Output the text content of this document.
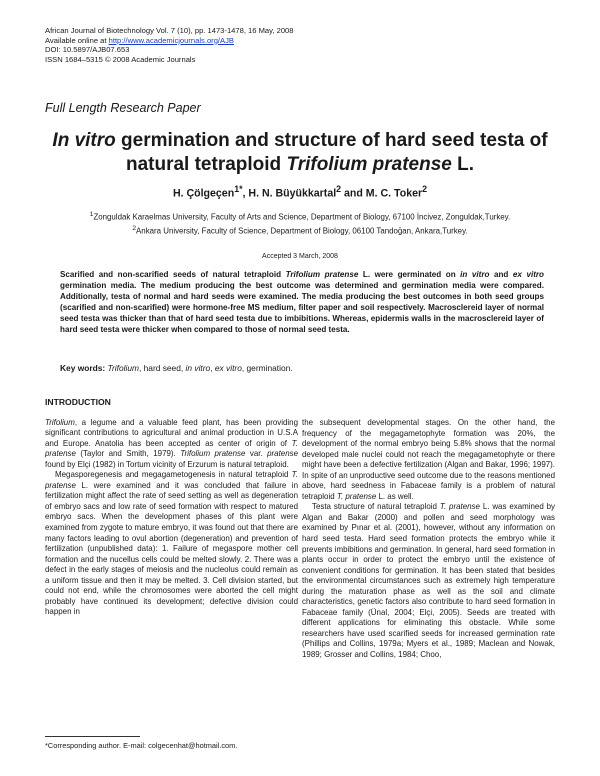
African Journal of Biotechnology Vol. 7 (10), pp. 1473-1478, 16 May, 2008
Available online at http://www.academicjournals.org/AJB
DOI: 10.5897/AJB07.653
ISSN 1684–5315 © 2008 Academic Journals
Full Length Research Paper
In vitro germination and structure of hard seed testa of natural tetraploid Trifolium pratense L.
H. Çölgeçen$^{1*}$, H. N. Büyükkartal$^2$ and M. C. Toker$^2$
$^1$Zonguldak Karaelmas University, Faculty of Arts and Science, Department of Biology, 67100 İncivez, Zonguldak,Turkey.
$^2$Ankara University, Faculty of Science, Department of Biology, 06100 Tandoğan, Ankara,Turkey.
Accepted 3 March, 2008
Scarified and non-scarified seeds of natural tetraploid Trifolium pratense L. were germinated on in vitro and ex vitro germination media. The medium producing the best outcome was determined and germination media were compared. Additionally, testa of normal and hard seeds were examined. The media producing the best outcomes in both seed groups (scarified and non-scarified) were hormone-free MS medium, filter paper and soil respectively. Macrosclereid layer of normal seed testa was thicker than that of hard seed testa due to imbibitions. Whereas, epidermis walls in the macrosclereid layer of hard seed testa were thicker when compared to those of normal seed testa.
Key words: Trifolium, hard seed, in vitro, ex vitro, germination.
INTRODUCTION

Trifolium, a legume and a valuable feed plant, has been providing significant contributions to agricultural and animal production in U.S.A and Europe. Anatolia has been accepted as center of origin of T. pratense (Taylor and Smith, 1979). Trifolium pratense var. pratense found by Elçi (1982) in Tortum vicinity of Erzurum is natural tetraploid.

Megasporegenesis and megagametogenesis in natural tetraploid T. pratense L. were examined and it was concluded that failure in fertilization might affect the rate of seed setting as well as degeneration of embryo sacs and low rate of seed formation with respect to matured embryo sacs. When the development phases of this plant were examined from zygote to mature embryo, it was found out that there are many factors leading to ovul abortion (degeneration) and prevention of fertilization (unpublished data): 1. Failure of megaspore mother cell formation and the nucellus cells could be melted slowly. 2. There was a defect in the early stages of meiosis and the nucleolus could remain as a uniform tissue and then it may be melted. 3. Cell division started, but could not end, while the chromosomes were aborted the cell might probably have continued its development; defective division could happen in

the subsequent developmental stages. On the other hand, the frequency of the megagametophyte formation was 20%, the development of the normal embryo being 5.8% shows that the normal developed male nuclei could not reach the megagametophyte or there might have been a defective fertilization (Algan and Bakar, 1996; 1997). In spite of an unproductive seed outcome due to the reasons mentioned above, hard seedness in Fabaceae family is a problem of natural tetraploid T. pratense L. as well.

Testa structure of natural tetraploid T. pratense L. was examined by Algan and Bakar (2000) and pollen and seed morphology was examined by Pınar et al. (2001), however, without any information on hard seed testa. Hard seed formation protects the embryo while it prevents imbibitions and germination. In general, hard seed formation in plants occur in order to protect the embryo until the existence of convenient conditions for germination. It has been stated that besides the environmental circumstances such as extremely high temperature during the maturation phase as well as the soil and climate characteristics, genetic factors also contribute to hard seed formation in Fabaceae family (Ünal, 2004; Elçi, 2005). Seeds are treated with different applications for eliminating this obstacle. While some researchers have used scarified seeds for increased germination rate (Phillips and Collins, 1979a; Myers et al., 1989; Maclean and Nowak, 1989; Grosser and Collins, 1984; Choo,

*Corresponding author. E-mail: colgecenhat@hotmail.com.
